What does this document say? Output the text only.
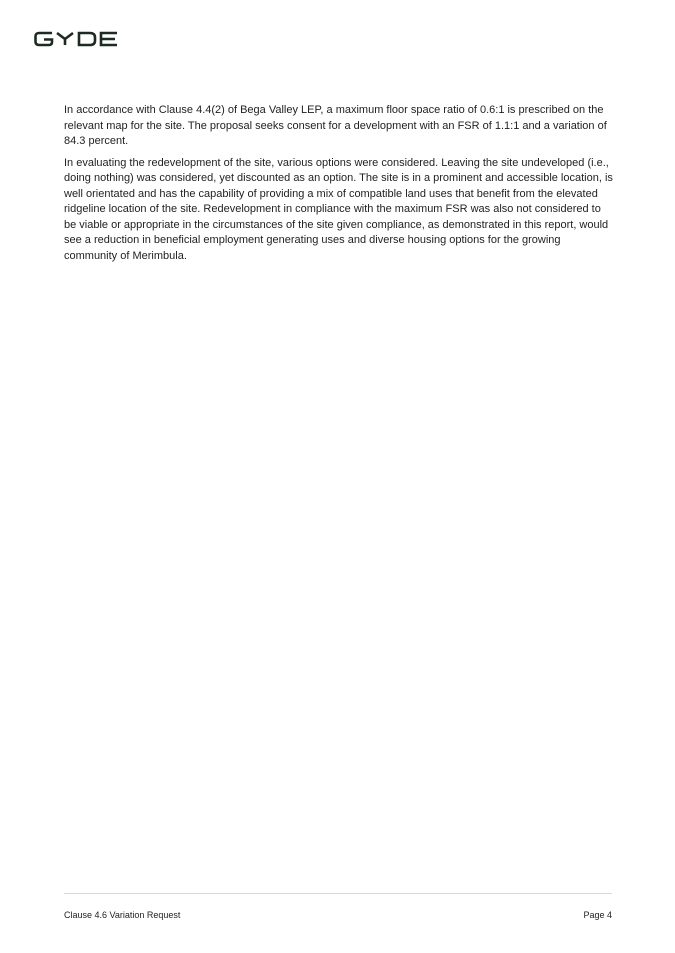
In accordance with Clause 4.4(2) of Bega Valley LEP, a maximum floor space ratio of 0.6:1 is prescribed on the relevant map for the site. The proposal seeks consent for a development with an FSR of 1.1:1 and a variation of 84.3 percent.

In evaluating the redevelopment of the site, various options were considered. Leaving the site undeveloped (i.e., doing nothing) was considered, yet discounted as an option. The site is in a prominent and accessible location, is well orientated and has the capability of providing a mix of compatible land uses that benefit from the elevated ridgeline location of the site. Redevelopment in compliance with the maximum FSR was also not considered to be viable or appropriate in the circumstances of the site given compliance, as demonstrated in this report, would see a reduction in beneficial employment generating uses and diverse housing options for the growing community of Merimbula.

Clause 4.6 Variation Request	Page 4
